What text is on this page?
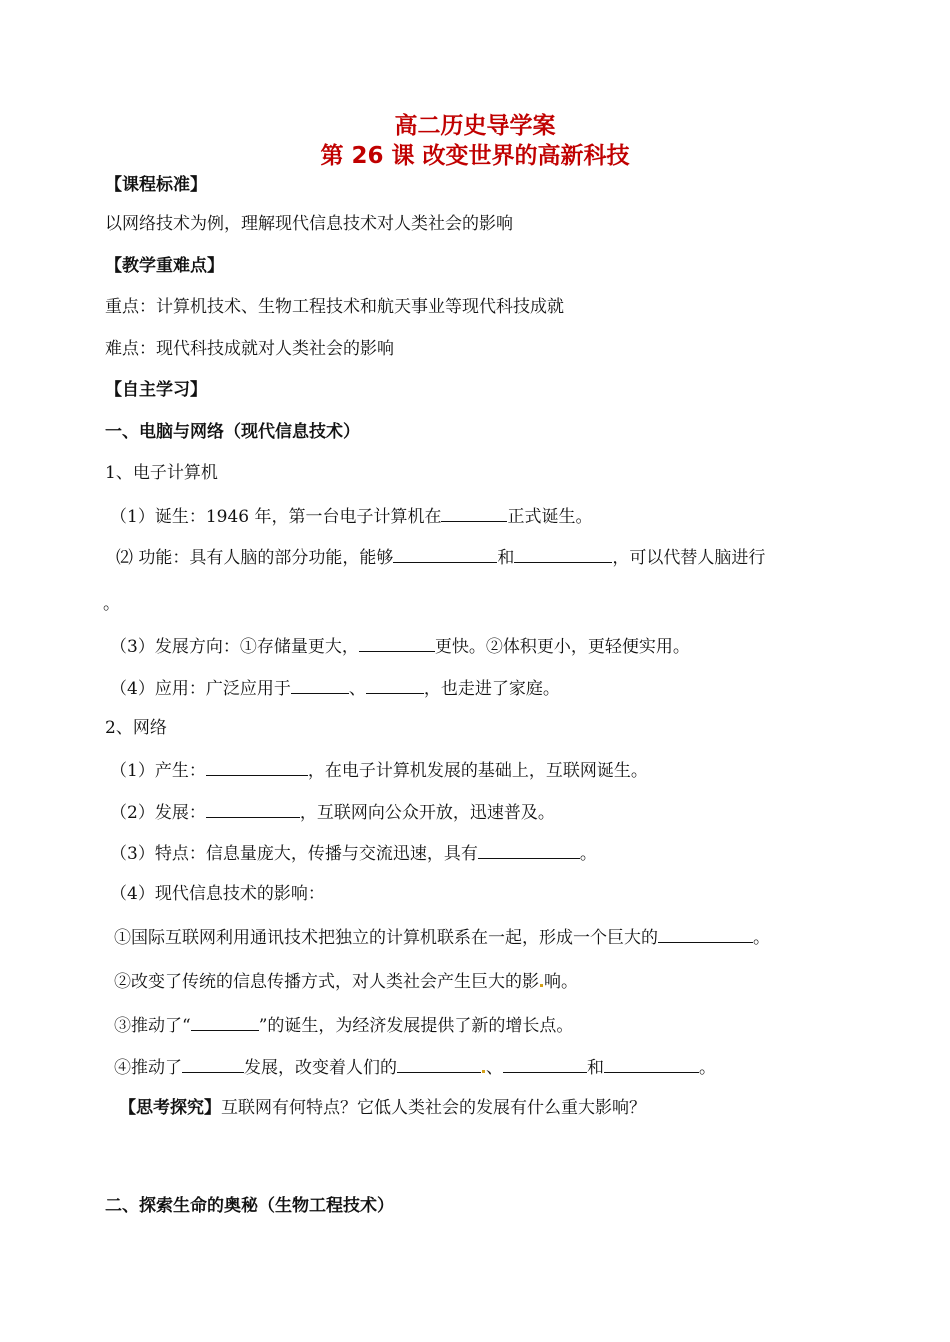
高二历史导学案
第 26 课 改变世界的高新科技
【课程标准】
以网络技术为例，理解现代信息技术对人类社会的影响
【教学重难点】
重点：计算机技术、生物工程技术和航天事业等现代科技成就
难点：现代科技成就对人类社会的影响
【自主学习】
一、电脑与网络（现代信息技术）
1、电子计算机
（1）诞生：1946 年，第一台电子计算机在	正式诞生。
⑵ 功能：具有人脑的部分功能，能够	和	，可以代替人脑进行
。
（3）发展方向：①存储量更大，	更快。②体积更小，更轻便实用。
（4）应用：广泛应用于	、	，也走进了家庭。
2、网络
（1）产生：	，在电子计算机发展的基础上，互联网诞生。
（2）发展：	，互联网向公众开放，迅速普及。
（3）特点：信息量庞大，传播与交流迅速，具有	。
（4）现代信息技术的影响：
①国际互联网利用通讯技术把独立的计算机联系在一起，形成一个巨大的	。
②改变了传统的信息传播方式，对人类社会产生巨大的影 响。
③推动了“	”的诞生，为经济发展提供了新的增长点。
④推动了	发展，改变着人们的	、	和	。
【思考探究】互联网有何特点？它低人类社会的发展有什么重大影响？
二、探索生命的奥秘（生物工程技术）
